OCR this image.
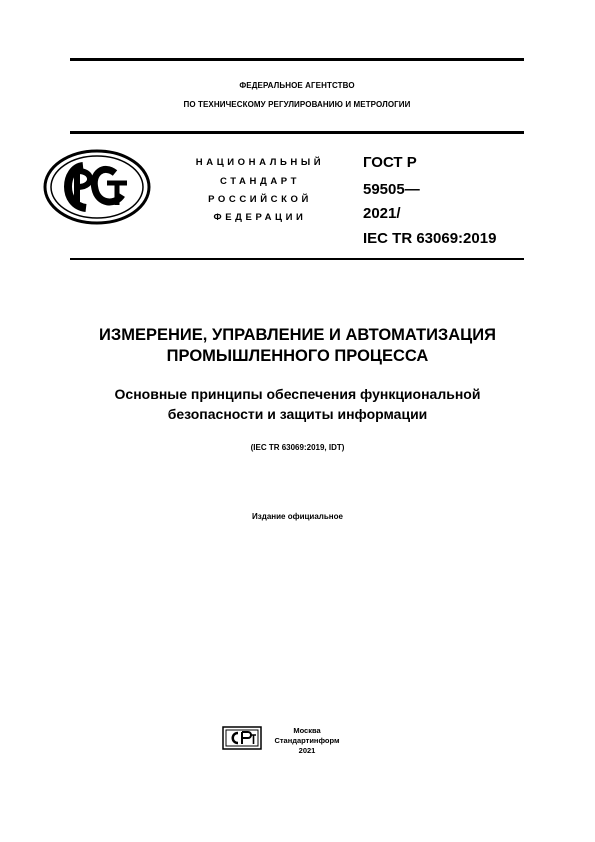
ФЕДЕРАЛЬНОЕ АГЕНТСТВО
ПО ТЕХНИЧЕСКОМУ РЕГУЛИРОВАНИЮ И МЕТРОЛОГИИ
НАЦИОНАЛЬНЫЙ
СТАНДАРТ
РОССИЙСКОЙ
ФЕДЕРАЦИИ
ГОСТ Р
59505—
2021/
IEC TR 63069:2019
ИЗМЕРЕНИЕ, УПРАВЛЕНИЕ И АВТОМАТИЗАЦИЯ
ПРОМЫШЛЕННОГО ПРОЦЕССА
Основные принципы обеспечения функциональной
безопасности и защиты информации
(IEC TR 63069:2019, IDT)
Издание официальное
Москва
Стандартинформ
2021
